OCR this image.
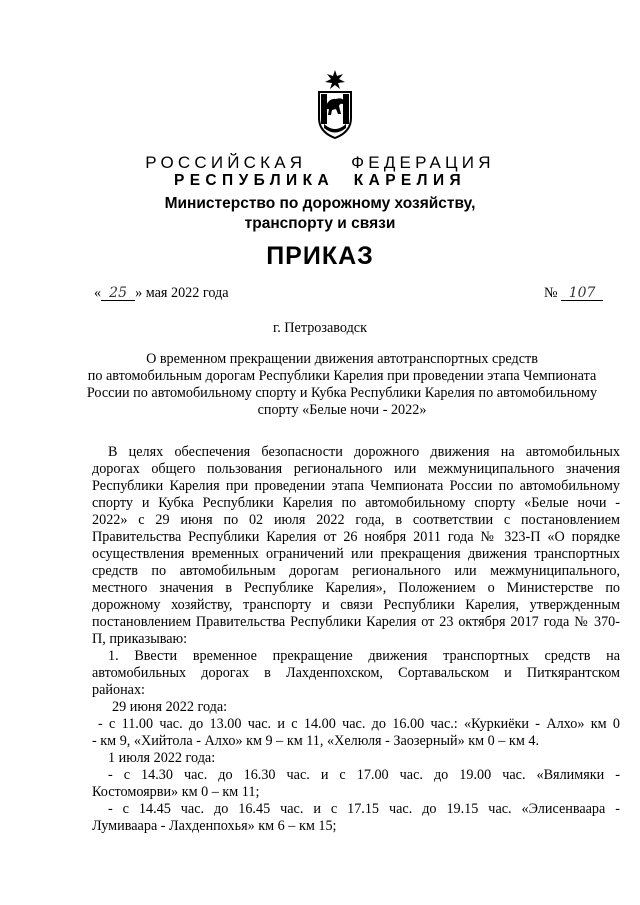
РОССИЙСКАЯ ФЕДЕРАЦИЯ
РЕСПУБЛИКА КАРЕЛИЯ
Министерство по дорожному хозяйству,
транспорту и связи
ПРИКАЗ
« 25 » мая 2022 года	№ 107
г. Петрозаводск
О временном прекращении движения автотранспортных средств
по автомобильным дорогам Республики Карелия при проведении этапа Чемпионата
России по автомобильному спорту и Кубка Республики Карелия по автомобильному
спорту «Белые ночи - 2022»
В целях обеспечения безопасности дорожного движения на автомобильных
дорогах общего пользования регионального или межмуниципального значения
Республики Карелия при проведении этапа Чемпионата России по автомобильному
спорту и Кубка Республики Карелия по автомобильному спорту «Белые ночи -
2022» с 29 июня по 02 июля 2022 года, в соответствии с постановлением
Правительства Республики Карелия от 26 ноября 2011 года № 323-П «О порядке
осуществления временных ограничений или прекращения движения транспортных
средств по автомобильным дорогам регионального или межмуниципального,
местного значения в Республике Карелия», Положением о Министерстве по
дорожному хозяйству, транспорту и связи Республики Карелия, утвержденным
постановлением Правительства Республики Карелия от 23 октября 2017 года № 370-
П, приказываю:
1. Ввести временное прекращение движения транспортных средств на
автомобильных дорогах в Лахденпохском, Сортавальском и Питкярантском
районах:
29 июня 2022 года:
- с 11.00 час. до 13.00 час. и с 14.00 час. до 16.00 час.: «Куркиёки - Алхо» км 0
- км 9, «Хийтола - Алхо» км 9 – км 11, «Хелюля - Заозерный» км 0 – км 4.
1 июля 2022 года:
- с 14.30 час. до 16.30 час. и с 17.00 час. до 19.00 час. «Вялимяки -
Костомоярви» км 0 – км 11;
- с 14.45 час. до 16.45 час. и с 17.15 час. до 19.15 час. «Элисенваара -
Лумиваара - Лахденпохья» км 6 – км 15;
